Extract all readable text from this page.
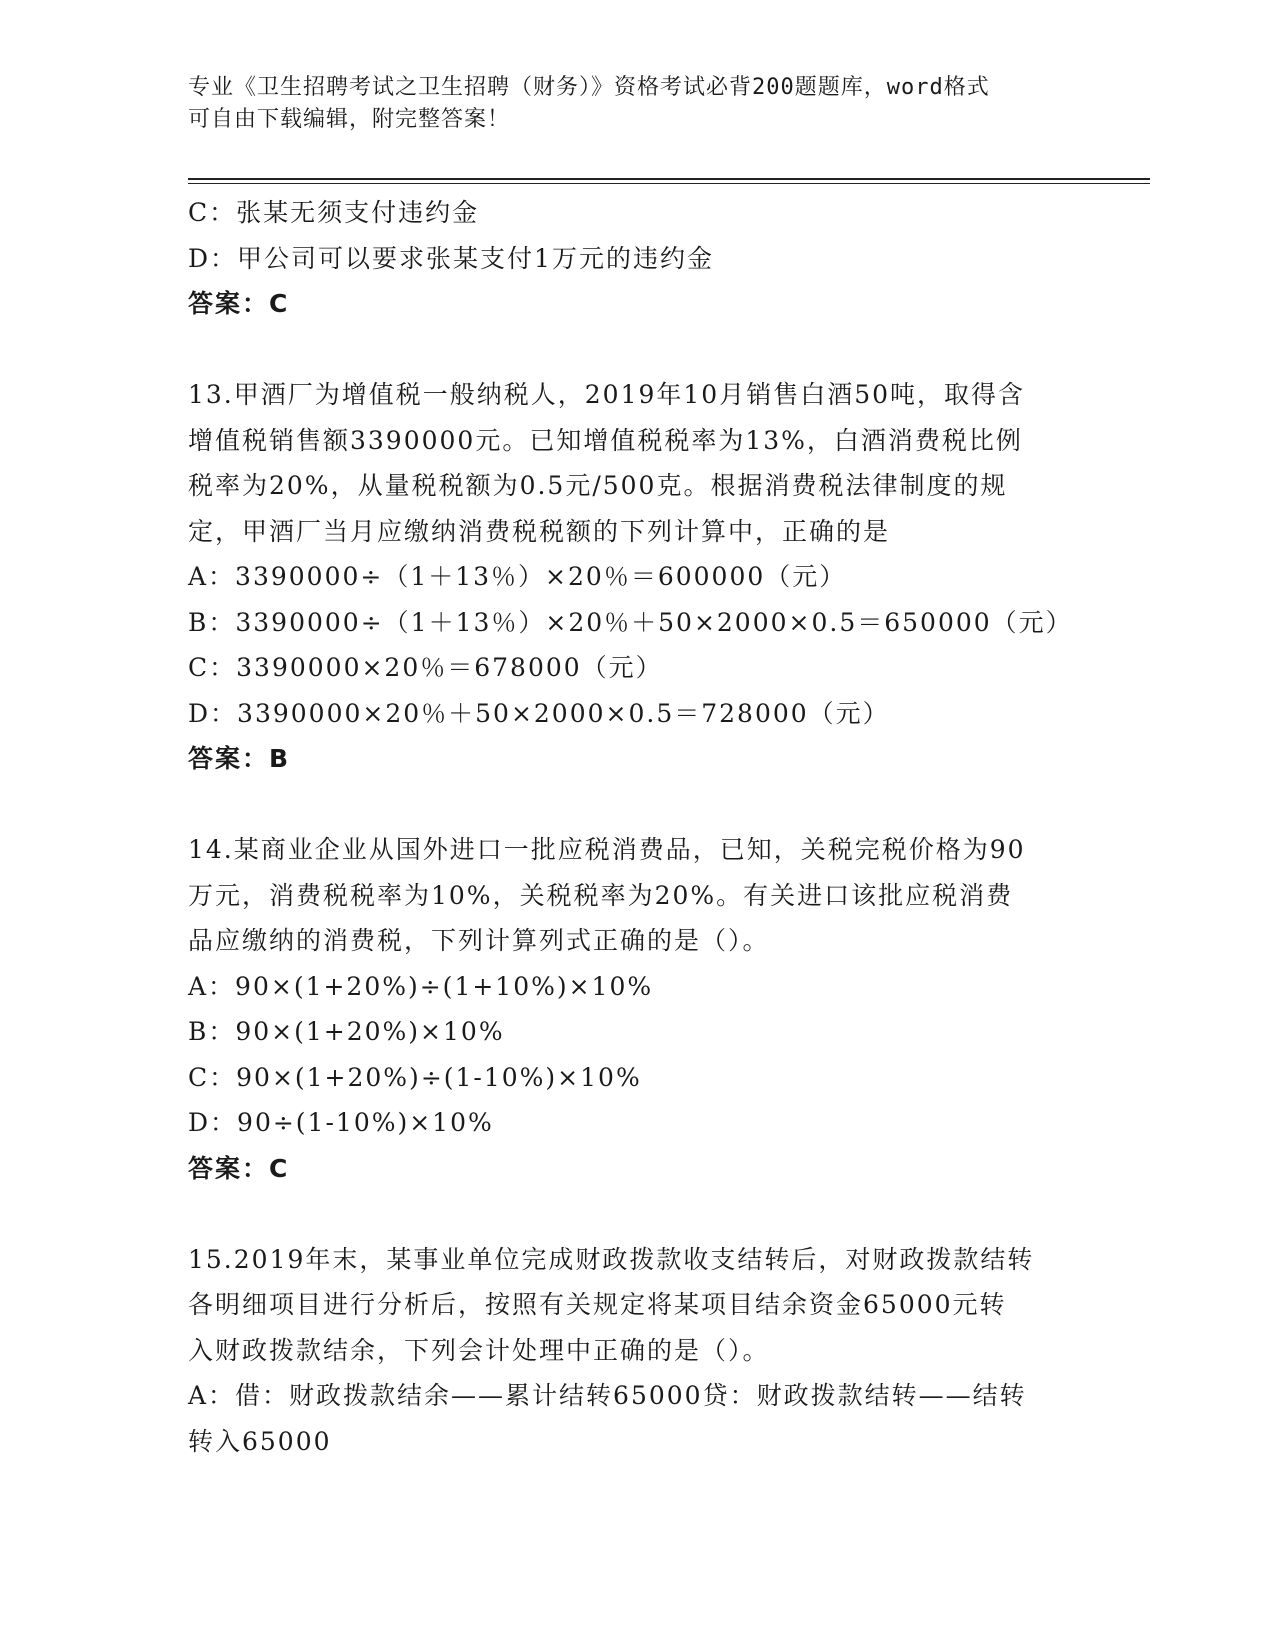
专业《卫生招聘考试之卫生招聘（财务）》资格考试必背200题题库，word格式
可自由下载编辑，附完整答案！
C：张某无须支付违约金
D：甲公司可以要求张某支付1万元的违约金
答案：C
13.甲酒厂为增值税一般纳税人，2019年10月销售白酒50吨，取得含
增值税销售额3390000元。已知增值税税率为13%，白酒消费税比例
税率为20%，从量税税额为0.5元/500克。根据消费税法律制度的规
定，甲酒厂当月应缴纳消费税税额的下列计算中，正确的是
A：3390000÷（1＋13％）×20％＝600000（元）
B：3390000÷（1＋13％）×20％＋50×2000×0.5＝650000（元）
C：3390000×20％＝678000（元）
D：3390000×20％＋50×2000×0.5＝728000（元）
答案：B
14.某商业企业从国外进口一批应税消费品，已知，关税完税价格为90
万元，消费税税率为10%，关税税率为20%。有关进口该批应税消费
品应缴纳的消费税，下列计算列式正确的是（）。
A：90×(1+20%)÷(1+10%)×10%
B：90×(1+20%)×10%
C：90×(1+20%)÷(1-10%)×10%
D：90÷(1-10%)×10%
答案：C
15.2019年末，某事业单位完成财政拨款收支结转后，对财政拨款结转
各明细项目进行分析后，按照有关规定将某项目结余资金65000元转
入财政拨款结余，下列会计处理中正确的是（）。
A：借：财政拨款结余——累计结转65000贷：财政拨款结转——结转
转入65000
